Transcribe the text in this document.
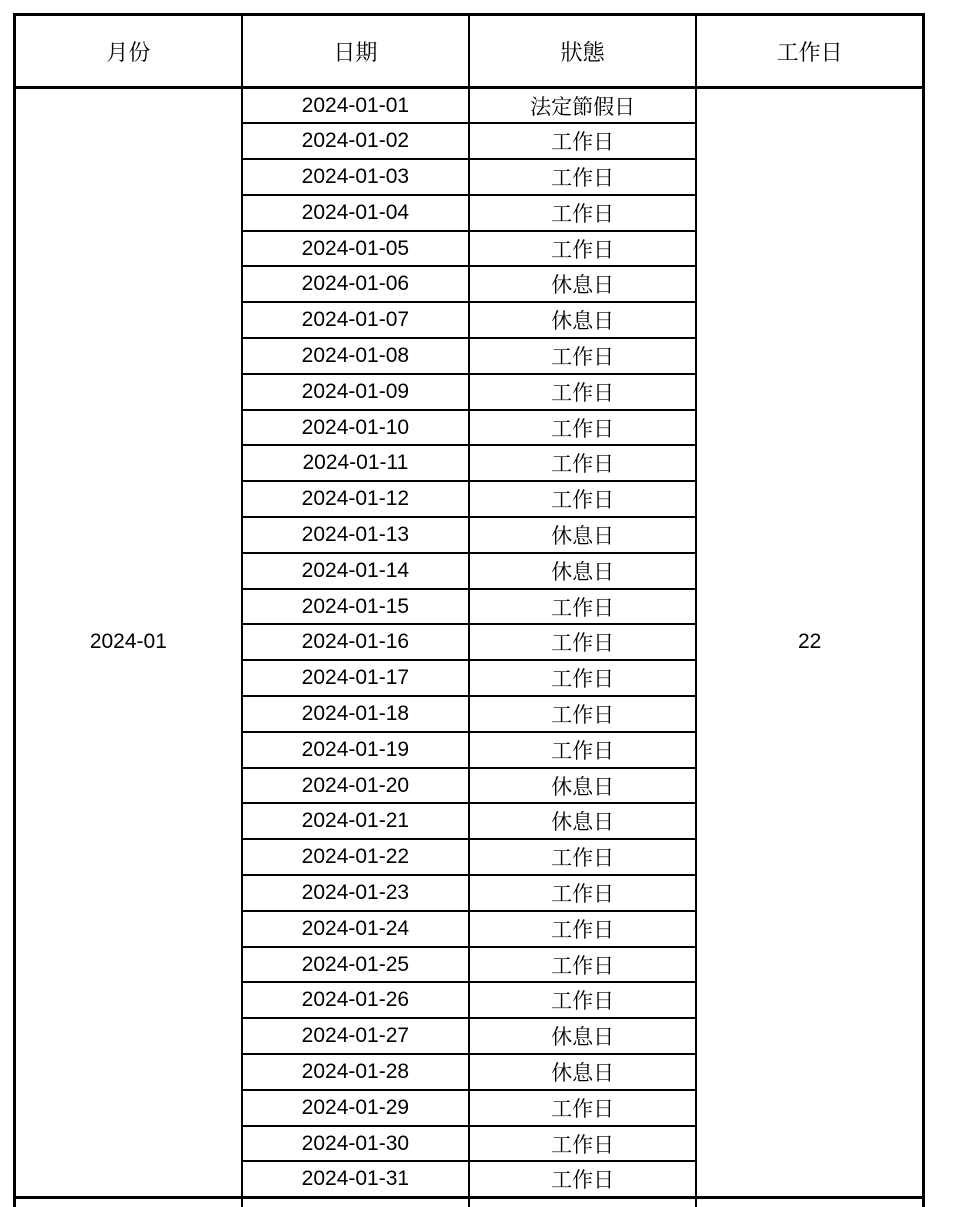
月份	日期	狀態	工作日
2024-01	2024-01-01	法定節假日	22
	2024-01-02	工作日	
	2024-01-03	工作日	
	2024-01-04	工作日	
	2024-01-05	工作日	
	2024-01-06	休息日	
	2024-01-07	休息日	
	2024-01-08	工作日	
	2024-01-09	工作日	
	2024-01-10	工作日	
	2024-01-11	工作日	
	2024-01-12	工作日	
	2024-01-13	休息日	
	2024-01-14	休息日	
	2024-01-15	工作日	
	2024-01-16	工作日	
	2024-01-17	工作日	
	2024-01-18	工作日	
	2024-01-19	工作日	
	2024-01-20	休息日	
	2024-01-21	休息日	
	2024-01-22	工作日	
	2024-01-23	工作日	
	2024-01-24	工作日	
	2024-01-25	工作日	
	2024-01-26	工作日	
	2024-01-27	休息日	
	2024-01-28	休息日	
	2024-01-29	工作日	
	2024-01-30	工作日	
	2024-01-31	工作日	
